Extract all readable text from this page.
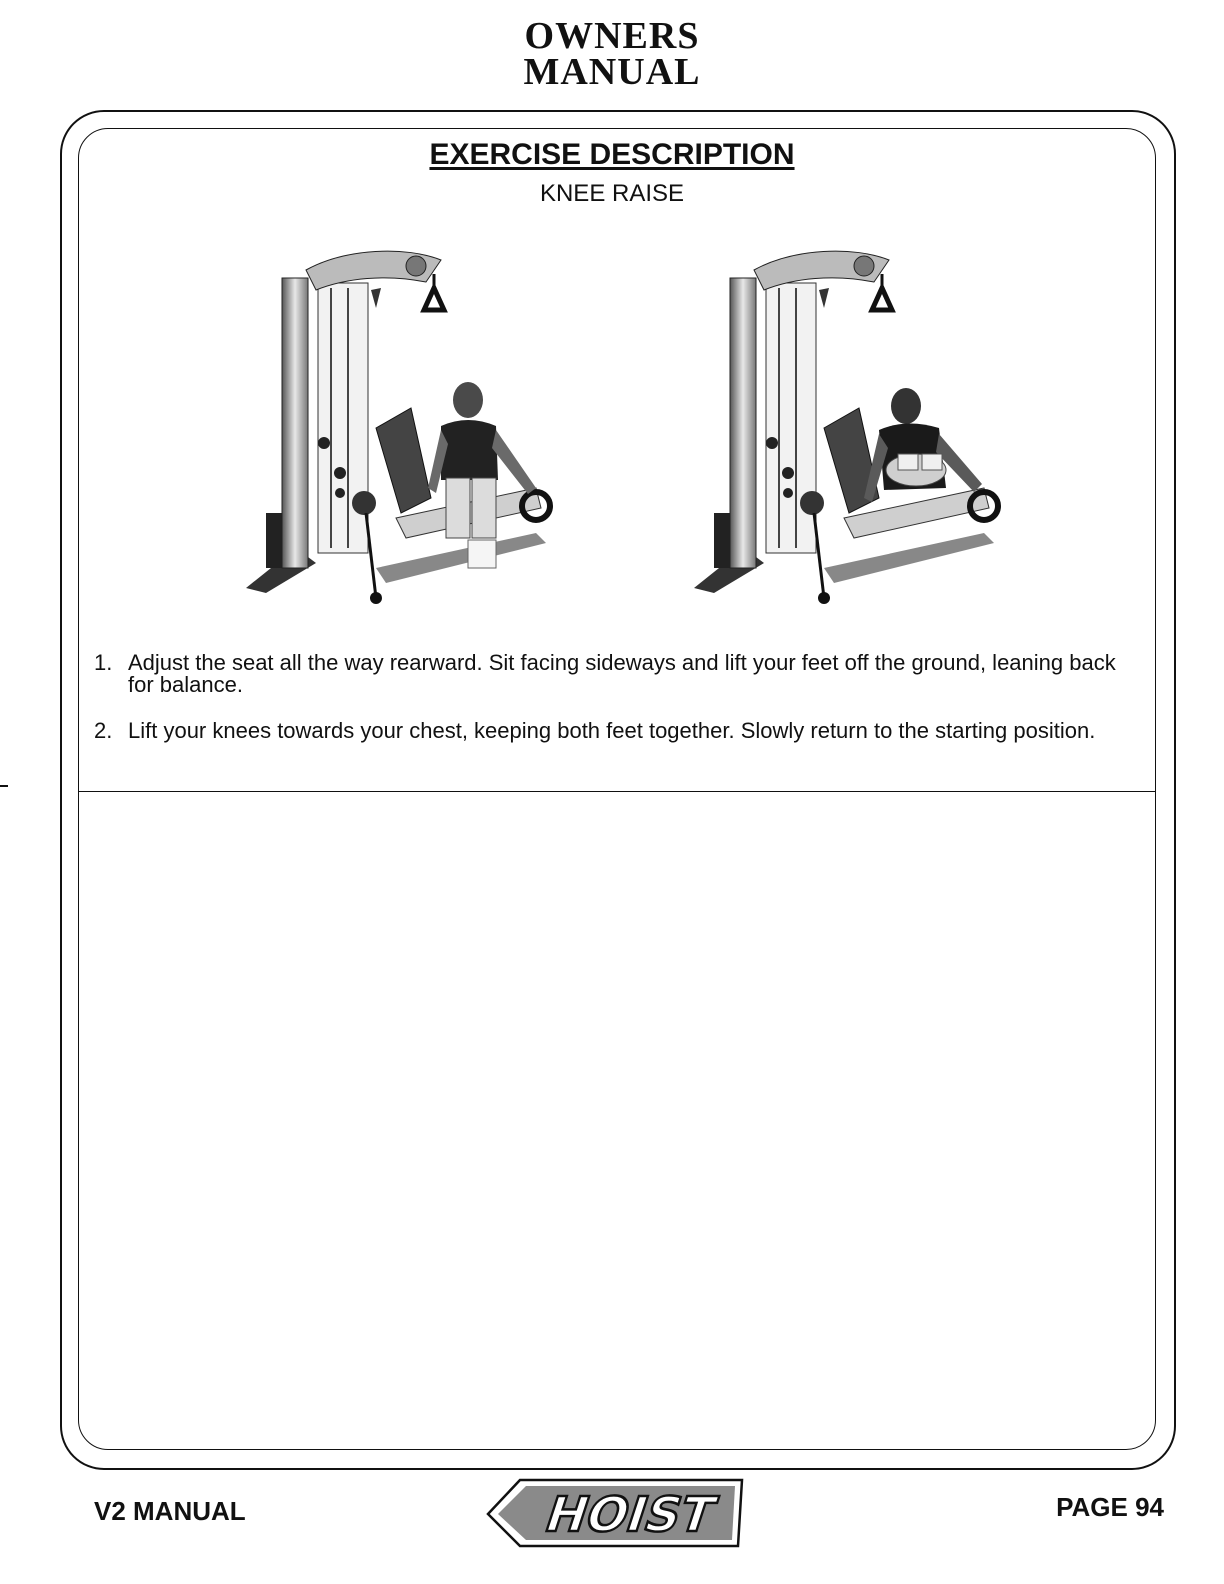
OWNERS
MANUAL
EXERCISE DESCRIPTION
KNEE RAISE
1. Adjust the seat all the way rearward. Sit facing sideways and lift your feet off the ground, leaning back for balance.
2. Lift your knees towards your chest, keeping both feet together. Slowly return to the starting position.
V2 MANUAL	HOIST	PAGE 94
